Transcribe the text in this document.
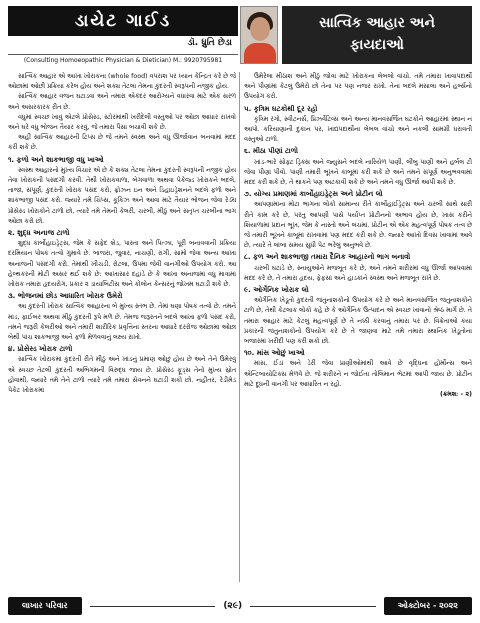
ડાયેટ ગાઈડ
ડૉ. ધ્રુતિ છેડા
(Consulting Homoeopathic Physician & Dietician) M.: 9920795981
સાત્વિક આહાર અને
ફાયદાઓ

સાત્વિક આહાર એ આખા ખોરાકના (whole food) વપરાશ પર ધ્યાન કેન્દ્રિત કરે છે જે ઓછામાં ઓછી પ્રક્રિયા કરેલ હોય અને શક્ય તેટલા તેમના કુદરતી સ્વરૂપની નજીક હોય.

સાત્વિક આહાર વજન ઘટાડવા અને તમારા એકંદર આરોગ્યને વધારવા માટે એક સરળ અને અસરકારક રીત છે.

વધુમાં સ્વચ્છ ખાવું એટલે પ્રોસેસ્ડ, સ્ટોરમાંથી ખરીદેલી વસ્તુઓ પર ઓછા આધાર રાખવો અને ઘરે વધુ ભોજન તૈયાર કરવું, જે તમારા પૈસા બચાવી શકે છે.

અહીં સાત્વિક આહારની ટિપ્સ છે જે તમને સ્વસ્થ અને વધુ ઊર્જાવાન બનવામાં મદદ કરી શકે છે.

૧. ફળો અને શાકભાજી વધુ ખાઓ

સ્વસ્થ આહારનો મુખ્ય વિચાર એ છે કે શક્ય તેટલા તેમના કુદરતી સ્વરૂપની નજીક હોય તેવા ખોરાકની પસંદગી કરવી. તેથી ખોરાકવાળા, બેગવાળા અથવા પેકેજ્ડ ખોરાકને બદલે, તાજાં, સંપૂર્ણ, કુદરતી ખોરાક પસંદ કરો, ફ્રોઝન ઇન અને ડિહાઇડ્રેશનને બદલે ફળો અને શાકભાજી પસંદ કરો. જ્યારે તમે ચિપ્સ, કૂકિઝ અને આવા માટે તૈયાર ભોજન જેવા રેડ્ય પ્રોસેસ્ડ ખોરાકોને ટાળો છો, ત્યારે તમે તેમની કેલરી, ચરબી, મીઠું અને સંતૃપ્ત ચરબીના ભાગ ઓછા કરો છો.

૨. શુદ્ધ અનાજ ટાળો

શુદ્ધ કાર્બોહાઇડ્રેટ્સ, જેમ કે સફેદ બ્રેડ, પાસ્તા અને પિત્ઝા, પૂરી બનાવવાની પ્રક્રિયા દરમિયાન પોષક તત્વો ગુમાવે છે. બાજરા, જુવાર, નાચણી, રાગી, સામો જેવા અન્ય આખા અનાજની પસંદગી કરો. તેમાંથી ખીચડી, રોટલા, ઉપમા જેવી વાનગીઓ ઉપયોગ કરો. આ હેલ્થકરની મોટી અસર થઈ શકે છે: આખાસાર દહાડે છે કે આખા અનાજમાં વધુ માત્રામાં ખોરાક તમારા હૃદયરોગ, પ્રકાર ૨ ડાયાબિટીસ અને કોલોન કેન્સરનું જોખમ ઘટાડી શકે છે.

૩. ભોજનમાં છોડ આધારિત ખોરાક ઉમેરો

આ કુદરતી ખોરાક સાત્વિક આહારના બે મુખ્ય સ્તંભ છે. તેમાં ઘણા પોષક તત્વો છે. તમને માંડ, ફાઈબર અથવા મીઠું કુદરતી રૂપે મળે છે. તેમજ જરૂરતને બદલે આખા ફળો પસંદ કરો, તમને જરૂરી કેલરીઓ અને તમારી શારીરિક પ્રવૃત્તિના સ્તરના આધારે દરરોજ ઓછામાં ઓછા બેથી પાંચ શાકભાજી અને ફળો મેળવવાનું લક્ષ્ય રાખો.

૪. પ્રોસેસ્ડ ખોરાક ટાળો

સાત્વિક ખોરાકમાં કુદરતી રીતે મીઠું અને ખાંડનું પ્રમાણ ઓછું હોય છે અને તેને ઉમેરવું એ સ્વચ્છ તેટલી કુદરતી અભિગમની વિરુદ્ધ જાય છે. પ્રોસેસ્ડ ફૂડ્સ તેનો મુખ્ય સ્રોત હોવાથી, જ્યારે તમે તેને ટાળો ત્યારે તમે તમારા સેવનને ઘટાડી શકો છો. નહીંતર, રેડીમેડ પેકેટ ખોરાકમાં

ઉમેરેલા મીઠાશ અને મીઠું જોવા માટે ખોરાકના લેબલો વાંચો. તમે તમારા ખાવાપદાર્થો અને પીણાંમાં કેટલું ઉમેરો છો તેના પર પણ નજર રાખો. તેના બદલે મસાલા અને હર્બ્સનો ઉપયોગ કરો.

૫. કૃત્રિમ ઘટકોથી દૂર રહો

કૃત્રિમ રંગો, સ્વીટનર્સ, પ્રિઝર્વેટિવ્સ અને અન્ય માનવસર્જિત ઘટકોને આહારમાં સ્થાન ન આપો. કરિયાણાની દુકાન પર, ખાદ્યપદાર્થોના લેબલ વાંચો અને નકલી સામગ્રી ધરાવતી વસ્તુઓ ટાળો.

૬. મીઠા પીણાં ટાળો

ખાંડ-ભારે સોફ્ટ ડ્રિંક્સ અને જ્યુસને બદલે નારિયેળ પાણી, લીંબુ પાણી અને હર્બલ ટી જેવા પીણાં પીવો. પાણી તમારી ભૂખને કાબૂમાં કરી શકે છે અને તમને સંપૂર્ણ અનુભવવામાં મદદ કરી શકે છે, તે થાકને પણ અટકાવી શકે છે અને તમને વધુ ઊર્જા આપી શકે છે.

૭. યોગ્ય પ્રમાણમાં કાર્બોહાઇડ્રેટ્સ અને પ્રોટીન લો

આપણામાંના મોટા ભાગના લોકો સામાન્ય રીતે કાર્બોહાઈડ્રેટ્સ અને ચરબી સાથે સારી રીતે કામ કરે છે, પરંતુ આપણી પાસે પર્યાપ્ત પ્રોટીનનો અભાવ હોય છે, ખાસ કરીને શિયાળામાં પ્રદાન ભૂખ, જેમ કે નાસ્તો અને લંચમાં. પ્રોટીન એ એક મહત્વપૂર્ણ પોષક તત્વ છે જે તમારી ભૂખને કાબૂમાં રાખવામાં પણ મદદ કરી શકે છે. જ્યારે આખો દિવસ ખાવામાં આવે છે, ત્યારે તે લાંબા સમય સુધી પેટ ભરેલું અનુભવે છે.

૮. ફળ અને શાકભાજી તમારા દૈનિક આહારનો ભાગ બનાવો

ચરબી ઘટાડે છે, સ્નાયુઓને મજબૂત કરે છે, અને તમને શરીરમાં વધુ ઊર્જા આપવામાં મદદ કરે છે, તે તમારા હૃદય, ફેફસાં અને હાડકાંને સ્વસ્થ અને મજબૂત રાખે છે.

૯. ઓર્ગેનિક ખોરાક લો

ઓર્ગેનિક ખેડૂતો કુદરતી જંતુનાશકોનો ઉપયોગ કરે છે અને માનવસર્જિત જંતુનાશકોને ટાળે છે, તેથી કેટલાક લોકો કહે છે કે ઓર્ગેનિક ઉત્પાદન એ સ્વચ્છ ખાવાનો શ્રેષ્ઠ માર્ગ છે. તે તમારા આહાર માટે કેટલું મહત્વપૂર્ણ છે તે નક્કી કરવાનું તમારા પર છે. વિક્રેતાઓ કયા પ્રકારની જંતુનાશકોનો ઉપયોગ કરે છે તે જાણવા માટે તમે તમારા સ્થાનિક ખેડૂતોના બજારમાં ખરીદી પણ કરી શકો છો.

૧૦. માંસ ઓછું ખાઓ

માંસ, ઈંડાં અને ડેરી જેવા પ્રાણીઓમાંથી આવે છે વૃદ્ધિના હોર્મોન્સ અને એન્ટિબાયોટિક્સ મેળવે છે. જે શરીરને ન જોઈતા તોલિમાન ભેટમાં આપી જાય છે. પ્રોટીન માટે દૂધની વાનગી પર આધારિત ન રહો.

(ક્રમશઃ - ૨)
લાખાર પરિવાર	(૨૯)	ઓક્ટોબર - ૨૦૨૨
